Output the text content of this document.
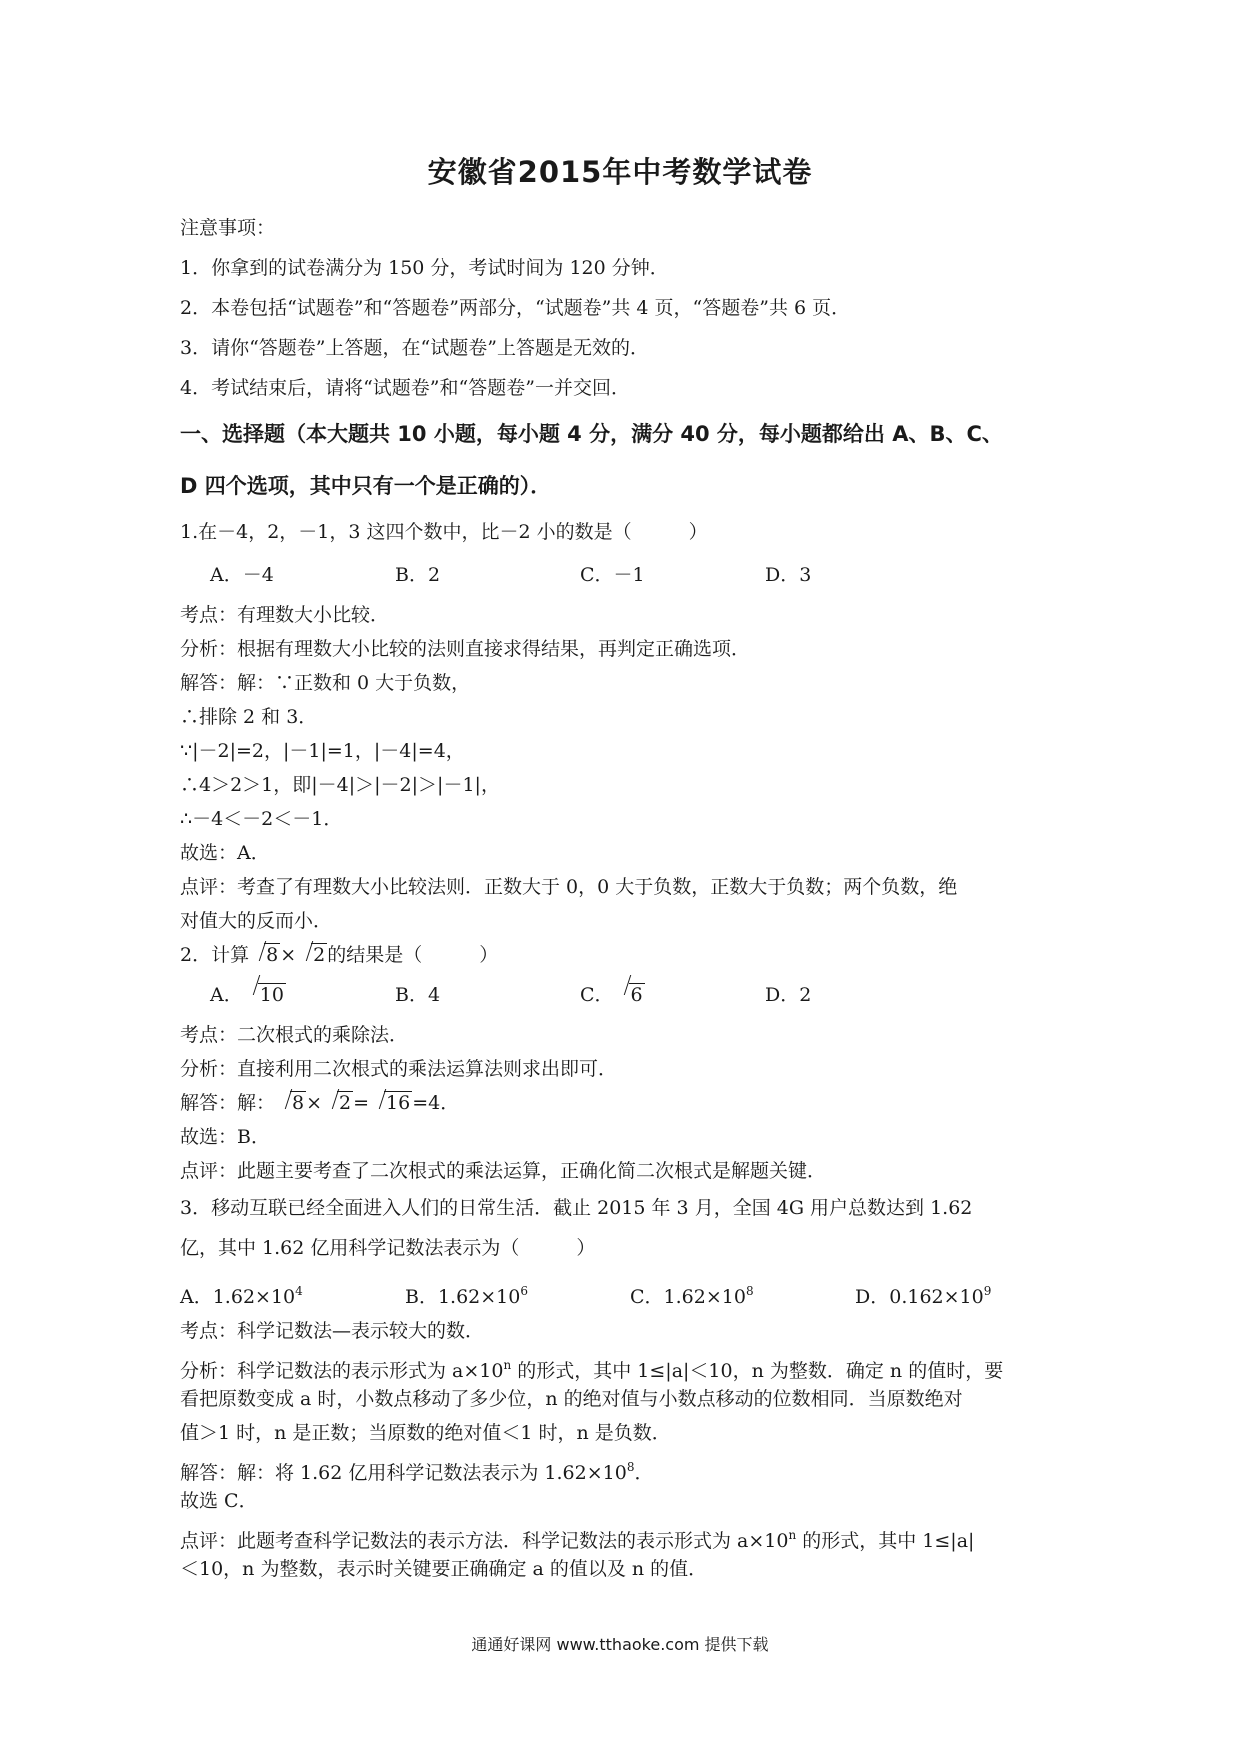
安徽省2015年中考数学试卷
注意事项：
1．你拿到的试卷满分为 150 分，考试时间为 120 分钟．
2．本卷包括“试题卷”和“答题卷”两部分，“试题卷”共 4 页，“答题卷”共 6 页．
3．请你“答题卷”上答题，在“试题卷”上答题是无效的．
4．考试结束后，请将“试题卷”和“答题卷”一并交回．
一、选择题（本大题共 10 小题，每小题 4 分，满分 40 分，每小题都给出 A、B、C、
D 四个选项，其中只有一个是正确的）．
1.在－4，2，－1，3 这四个数中，比－2 小的数是（　　　）
A．－4	B．2	C．－1	D．3
考点：有理数大小比较．
分析：根据有理数大小比较的法则直接求得结果，再判定正确选项．
解答：解：∵正数和 0 大于负数，
∴排除 2 和 3．
∵|－2|=2，|－1|=1，|－4|=4，
∴4＞2＞1，即|－4|＞|－2|＞|－1|，
∴－4＜－2＜－1．
故选：A．
点评：考查了有理数大小比较法则．正数大于 0，0 大于负数，正数大于负数；两个负数，绝
对值大的反而小．
2．计算 8 × 2 的结果是（　　　）
A． 10	B．4	C． 6	D．2
考点：二次根式的乘除法．
分析：直接利用二次根式的乘法运算法则求出即可．
解答：解： 8 × 2 = 16 =4．
故选：B．
点评：此题主要考查了二次根式的乘法运算，正确化简二次根式是解题关键．
3．移动互联已经全面进入人们的日常生活．截止 2015 年 3 月，全国 4G 用户总数达到 1.62
亿，其中 1.62 亿用科学记数法表示为（　　　）
A．$1.62\times 10^4$	B．$1.62\times 10^6$	C．$1.62\times 10^8$	D．$0.162\times 10^9$
考点：科学记数法—表示较大的数．
分析：科学记数法的表示形式为 $a\times 10^n$ 的形式，其中 1≤|a|＜10，n 为整数．确定 n 的值时，要
看把原数变成 a 时，小数点移动了多少位，n 的绝对值与小数点移动的位数相同．当原数绝对
值＞1 时，n 是正数；当原数的绝对值＜1 时，n 是负数．
解答：解：将 1.62 亿用科学记数法表示为 $1.62\times 10^8$．
故选 C．
点评：此题考查科学记数法的表示方法．科学记数法的表示形式为 $a\times 10^n$ 的形式，其中 1≤|a|
＜10，n 为整数，表示时关键要正确确定 a 的值以及 n 的值．
通通好课网 www.tthaoke.com 提供下载
